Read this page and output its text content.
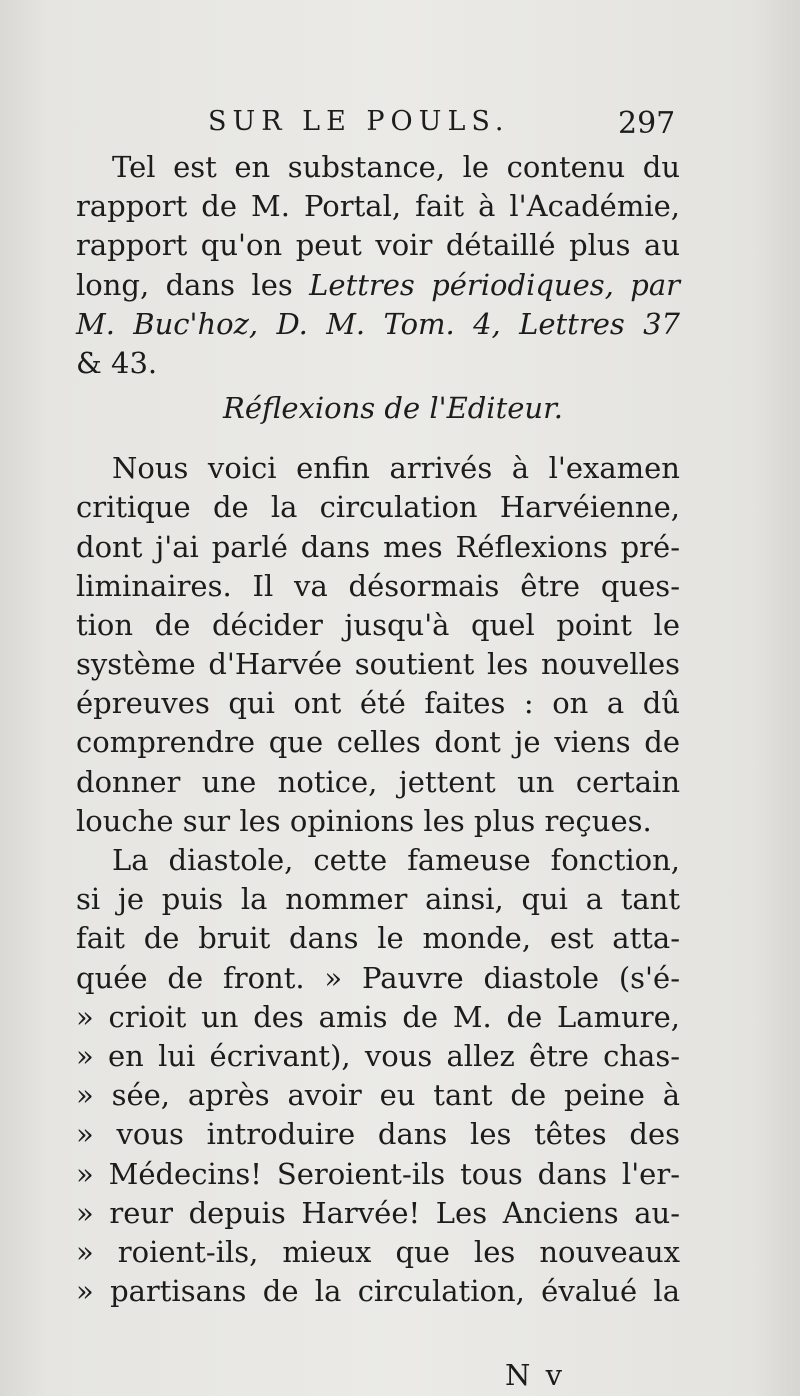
SUR LE POULS.	297
Tel est en substance, le contenu du
rapport de M. Portal, fait à l'Académie,
rapport qu'on peut voir détaillé plus au
long, dans les Lettres périodiques, par
M. Buc'hoz, D. M. Tom. 4, Lettres 37
& 43.
Réflexions de l'Editeur.
Nous voici enfin arrivés à l'examen
critique de la circulation Harvéienne,
dont j'ai parlé dans mes Réflexions pré-
liminaires. Il va désormais être ques-
tion de décider jusqu'à quel point le
système d'Harvée soutient les nouvelles
épreuves qui ont été faites : on a dû
comprendre que celles dont je viens de
donner une notice, jettent un certain
louche sur les opinions les plus reçues.
La diastole, cette fameuse fonction,
si je puis la nommer ainsi, qui a tant
fait de bruit dans le monde, est atta-
quée de front. » Pauvre diastole (s'é-
» crioit un des amis de M. de Lamure,
» en lui écrivant), vous allez être chas-
» sée, après avoir eu tant de peine à
» vous introduire dans les têtes des
» Médecins! Seroient-ils tous dans l'er-
» reur depuis Harvée! Les Anciens au-
» roient-ils, mieux que les nouveaux
» partisans de la circulation, évalué la
N v
